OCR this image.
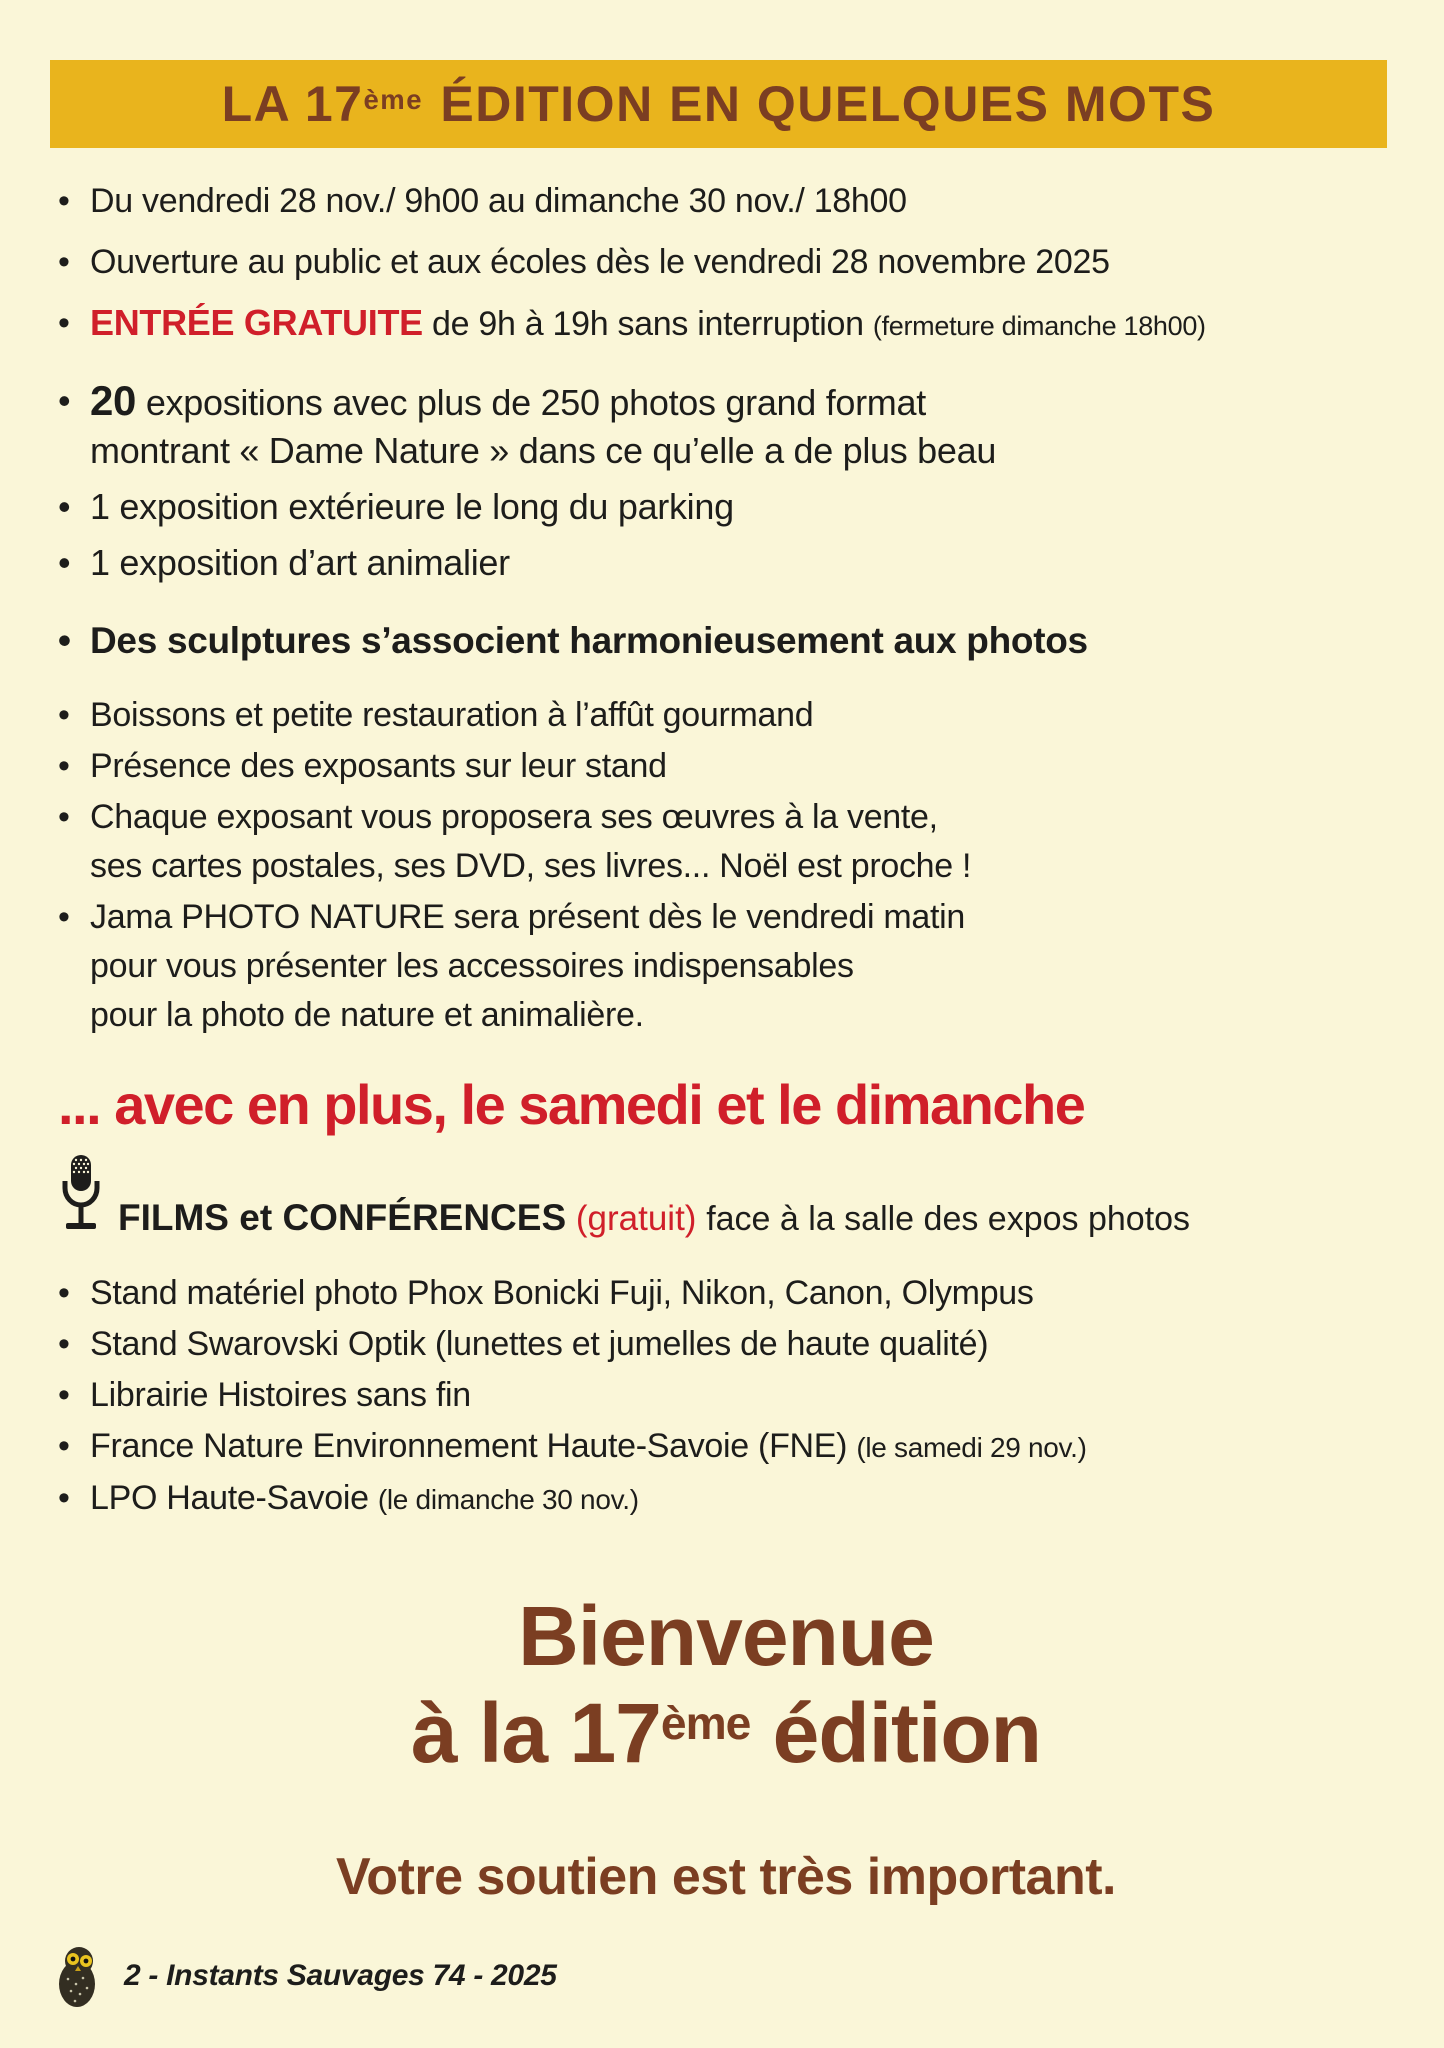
LA 17ème ÉDITION EN QUELQUES MOTS
• Du vendredi 28 nov./ 9h00 au dimanche 30 nov./ 18h00
• Ouverture au public et aux écoles dès le vendredi 28 novembre 2025
• ENTRÉE GRATUITE de 9h à 19h sans interruption (fermeture dimanche 18h00)
• 20 expositions avec plus de 250 photos grand format
montrant « Dame Nature » dans ce qu’elle a de plus beau
• 1 exposition extérieure le long du parking
• 1 exposition d’art animalier
• Des sculptures s’associent harmonieusement aux photos
• Boissons et petite restauration à l’affût gourmand
• Présence des exposants sur leur stand
• Chaque exposant vous proposera ses œuvres à la vente,
ses cartes postales, ses DVD, ses livres... Noël est proche !
• Jama PHOTO NATURE sera présent dès le vendredi matin
pour vous présenter les accessoires indispensables
pour la photo de nature et animalière.
... avec en plus, le samedi et le dimanche
FILMS et CONFÉRENCES (gratuit) face à la salle des expos photos
• Stand matériel photo Phox Bonicki Fuji, Nikon, Canon, Olympus
• Stand Swarovski Optik (lunettes et jumelles de haute qualité)
• Librairie Histoires sans fin
• France Nature Environnement Haute-Savoie (FNE) (le samedi 29 nov.)
• LPO Haute-Savoie (le dimanche 30 nov.)
Bienvenue
à la 17ème édition
Votre soutien est très important.
2 - Instants Sauvages 74 - 2025
